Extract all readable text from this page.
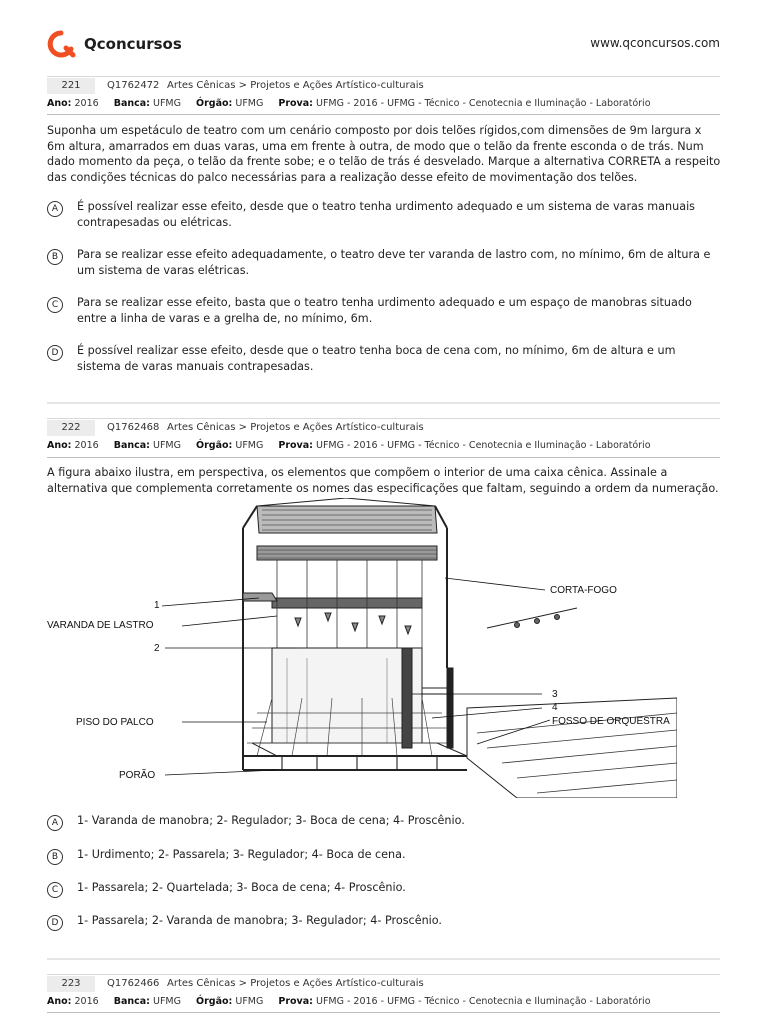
Qconcursos	www.qconcursos.com
221	Q1762472 Artes Cênicas > Projetos e Ações Artístico-culturais
Ano: 2016 Banca: UFMG Órgão: UFMG Prova: UFMG - 2016 - UFMG - Técnico - Cenotecnia e Iluminação - Laboratório
Suponha um espetáculo de teatro com um cenário composto por dois telões rígidos,com dimensões de 9m largura x 6m altura, amarrados em duas varas, uma em frente à outra, de modo que o telão da frente esconda o de trás. Num dado momento da peça, o telão da frente sobe; e o telão de trás é desvelado. Marque a alternativa CORRETA a respeito das condições técnicas do palco necessárias para a realização desse efeito de movimentação dos telões.
A	É possível realizar esse efeito, desde que o teatro tenha urdimento adequado e um sistema de varas manuais contrapesadas ou elétricas.
B	Para se realizar esse efeito adequadamente, o teatro deve ter varanda de lastro com, no mínimo, 6m de altura e um sistema de varas elétricas.
C	Para se realizar esse efeito, basta que o teatro tenha urdimento adequado e um espaço de manobras situado entre a linha de varas e a grelha de, no mínimo, 6m.
D	É possível realizar esse efeito, desde que o teatro tenha boca de cena com, no mínimo, 6m de altura e um sistema de varas manuais contrapesadas.
222	Q1762468 Artes Cênicas > Projetos e Ações Artístico-culturais
Ano: 2016 Banca: UFMG Órgão: UFMG Prova: UFMG - 2016 - UFMG - Técnico - Cenotecnia e Iluminação - Laboratório
A figura abaixo ilustra, em perspectiva, os elementos que compõem o interior de uma caixa cênica. Assinale a alternativa que complementa corretamente os nomes das especificações que faltam, seguindo a ordem da numeração.
1
VARANDA DE LASTRO
2
PISO DO PALCO
PORÃO
CORTA-FOGO
3
4
FOSSO DE ORQUESTRA
A	1- Varanda de manobra; 2- Regulador; 3- Boca de cena; 4- Proscênio.
B	1- Urdimento; 2- Passarela; 3- Regulador; 4- Boca de cena.
C	1- Passarela; 2- Quartelada; 3- Boca de cena; 4- Proscênio.
D	1- Passarela; 2- Varanda de manobra; 3- Regulador; 4- Proscênio.
223	Q1762466 Artes Cênicas > Projetos e Ações Artístico-culturais
Ano: 2016 Banca: UFMG Órgão: UFMG Prova: UFMG - 2016 - UFMG - Técnico - Cenotecnia e Iluminação - Laboratório
